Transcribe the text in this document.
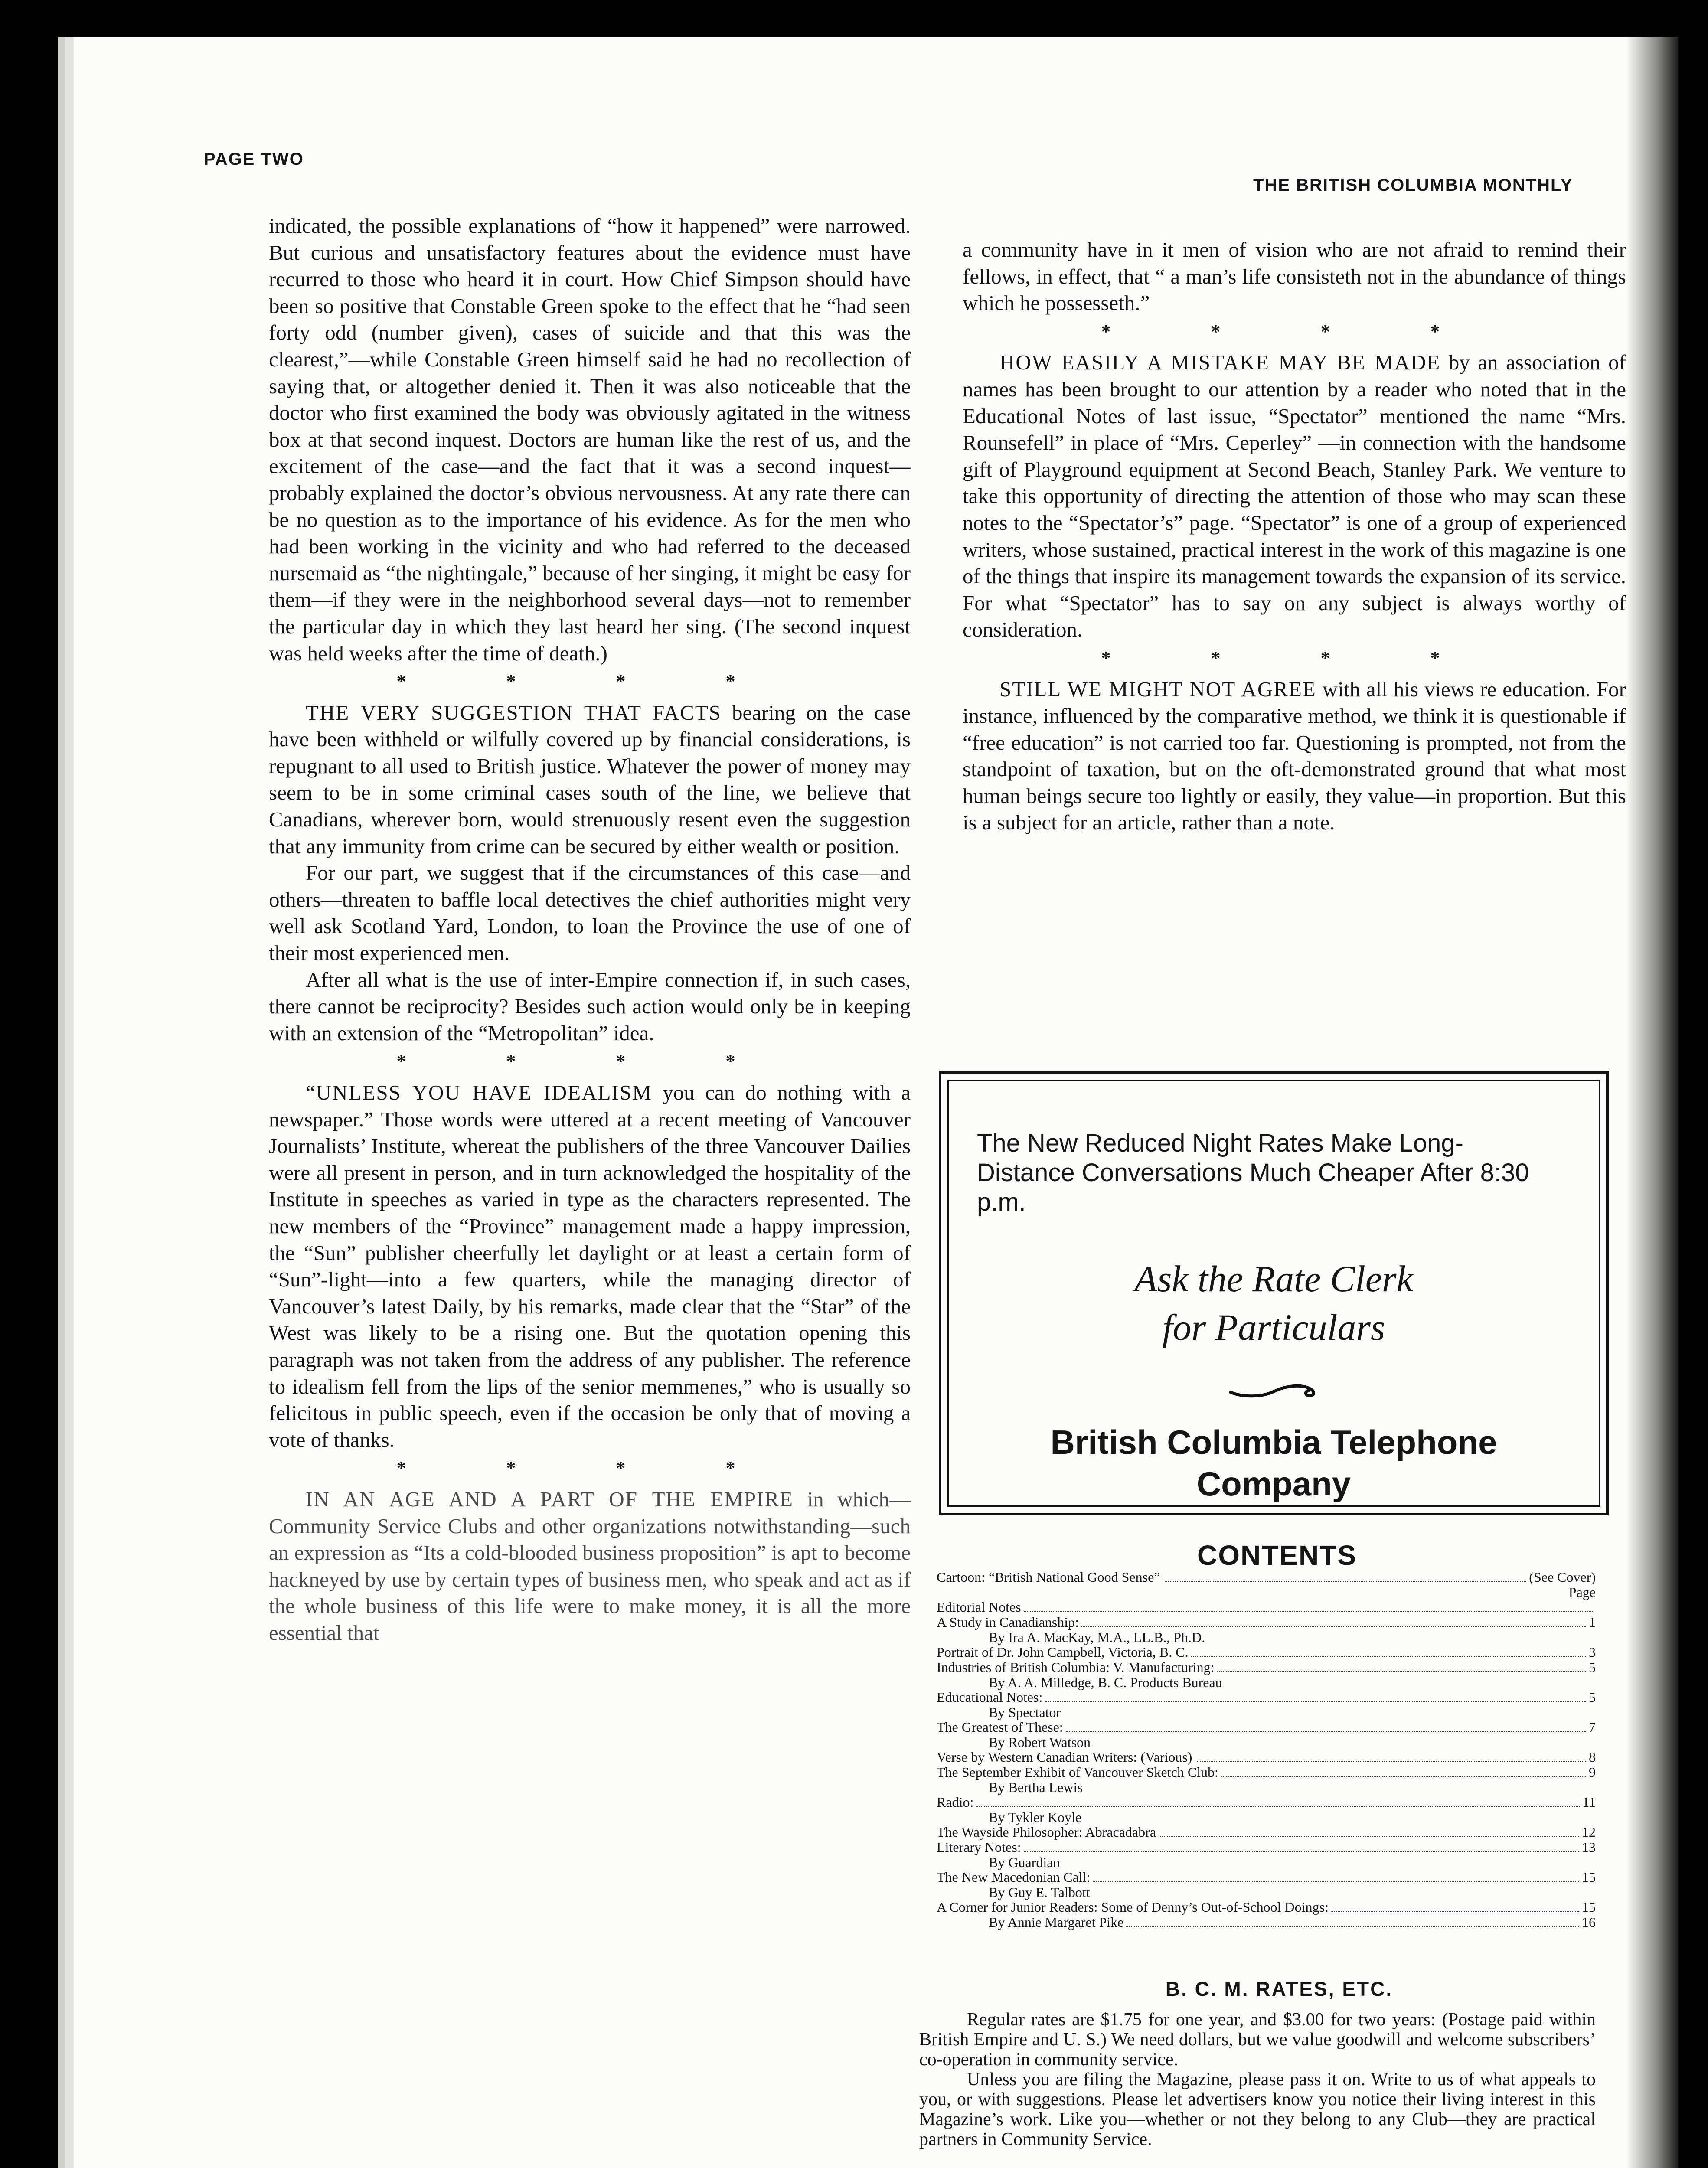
PAGE TWO
THE BRITISH COLUMBIA MONTHLY

indicated, the possible explanations of “how it happened” were narrowed. But curious and unsatisfactory features about the evidence must have recurred to those who heard it in court. How Chief Simpson should have been so positive that Constable Green spoke to the effect that he “had seen forty odd (number given), cases of suicide and that this was the clearest,”—while Constable Green himself said he had no recollection of saying that, or altogether denied it. Then it was also noticeable that the doctor who first examined the body was obviously agitated in the witness box at that second inquest. Doctors are human like the rest of us, and the excitement of the case—and the fact that it was a second inquest—probably explained the doctor’s obvious nervousness. At any rate there can be no question as to the importance of his evidence. As for the men who had been working in the vicinity and who had referred to the deceased nursemaid as “the nightingale,” because of her singing, it might be easy for them—if they were in the neighborhood several days—not to remember the particular day in which they last heard her sing. (The second inquest was held weeks after the time of death.)

* * * *

THE VERY SUGGESTION THAT FACTS bearing on the case have been withheld or wilfully covered up by financial considerations, is repugnant to all used to British justice. Whatever the power of money may seem to be in some criminal cases south of the line, we believe that Canadians, wherever born, would strenuously resent even the suggestion that any immunity from crime can be secured by either wealth or position.

For our part, we suggest that if the circumstances of this case—and others—threaten to baffle local detectives the chief authorities might very well ask Scotland Yard, London, to loan the Province the use of one of their most experienced men.

After all what is the use of inter-Empire connection if, in such cases, there cannot be reciprocity? Besides such action would only be in keeping with an extension of the “Metropolitan” idea.

* * * *

“UNLESS YOU HAVE IDEALISM you can do nothing with a newspaper.” Those words were uttered at a recent meeting of Vancouver Journalists’ Institute, whereat the publishers of the three Vancouver Dailies were all present in person, and in turn acknowledged the hospitality of the Institute in speeches as varied in type as the characters represented. The new members of the “Province” management made a happy impression, the “Sun” publisher cheerfully let daylight or at least a certain form of “Sun”-light—into a few quarters, while the managing director of Vancouver’s latest Daily, by his remarks, made clear that the “Star” of the West was likely to be a rising one. But the quotation opening this paragraph was not taken from the address of any publisher. The reference to idealism fell from the lips of the senior memmenes,” who is usually so felicitous in public speech, even if the occasion be only that of moving a vote of thanks.

* * * *

IN AN AGE AND A PART OF THE EMPIRE in which—Community Service Clubs and other organizations notwithstanding—such an expression as “Its a cold-blooded business proposition” is apt to become hackneyed by use by certain types of business men, who speak and act as if the whole business of this life were to make money, it is all the more essential that

a community have in it men of vision who are not afraid to remind their fellows, in effect, that “ a man’s life consisteth not in the abundance of things which he possesseth.”

* * * *

HOW EASILY A MISTAKE MAY BE MADE by an association of names has been brought to our attention by a reader who noted that in the Educational Notes of last issue, “Spectator” mentioned the name “Mrs. Rounsefell” in place of “Mrs. Ceperley” —in connection with the handsome gift of Playground equipment at Second Beach, Stanley Park. We venture to take this opportunity of directing the attention of those who may scan these notes to the “Spectator’s” page. “Spectator” is one of a group of experienced writers, whose sustained, practical interest in the work of this magazine is one of the things that inspire its management towards the expansion of its service. For what “Spectator” has to say on any subject is always worthy of consideration.

* * * *

STILL WE MIGHT NOT AGREE with all his views re education. For instance, influenced by the comparative method, we think it is questionable if “free education” is not carried too far. Questioning is prompted, not from the standpoint of taxation, but on the oft-demonstrated ground that what most human beings secure too lightly or easily, they value—in proportion. But this is a subject for an article, rather than a note.

The New Reduced Night Rates Make Long-Distance Conversations Much Cheaper After 8:30 p.m.
Ask the Rate Clerk
for Particulars
British Columbia Telephone
Company
CONTENTS
Cartoon: “British National Good Sense”	(See Cover)
Page
Editorial Notes
A Study in Canadianship:	1
By Ira A. MacKay, M.A., LL.B., Ph.D.
Portrait of Dr. John Campbell, Victoria, B. C.	3
Industries of British Columbia: V. Manufacturing:	5
By A. A. Milledge, B. C. Products Bureau
Educational Notes:	5
By Spectator
The Greatest of These:	7
By Robert Watson
Verse by Western Canadian Writers: (Various)	8
The September Exhibit of Vancouver Sketch Club:	9
By Bertha Lewis
Radio:	11
By Tykler Koyle
The Wayside Philosopher: Abracadabra	12
Literary Notes:	13
By Guardian
The New Macedonian Call:	15
By Guy E. Talbott
A Corner for Junior Readers: Some of Denny’s Out-of-School Doings:	15
By Annie Margaret Pike	16
B. C. M. RATES, ETC.

Regular rates are $1.75 for one year, and $3.00 for two years: (Postage paid within British Empire and U. S.) We need dollars, but we value goodwill and welcome subscribers’ co-operation in community service.

Unless you are filing the Magazine, please pass it on. Write to us of what appeals to you, or with suggestions. Please let advertisers know you notice their living interest in this Magazine’s work. Like you—whether or not they belong to any Club—they are practical partners in Community Service.
